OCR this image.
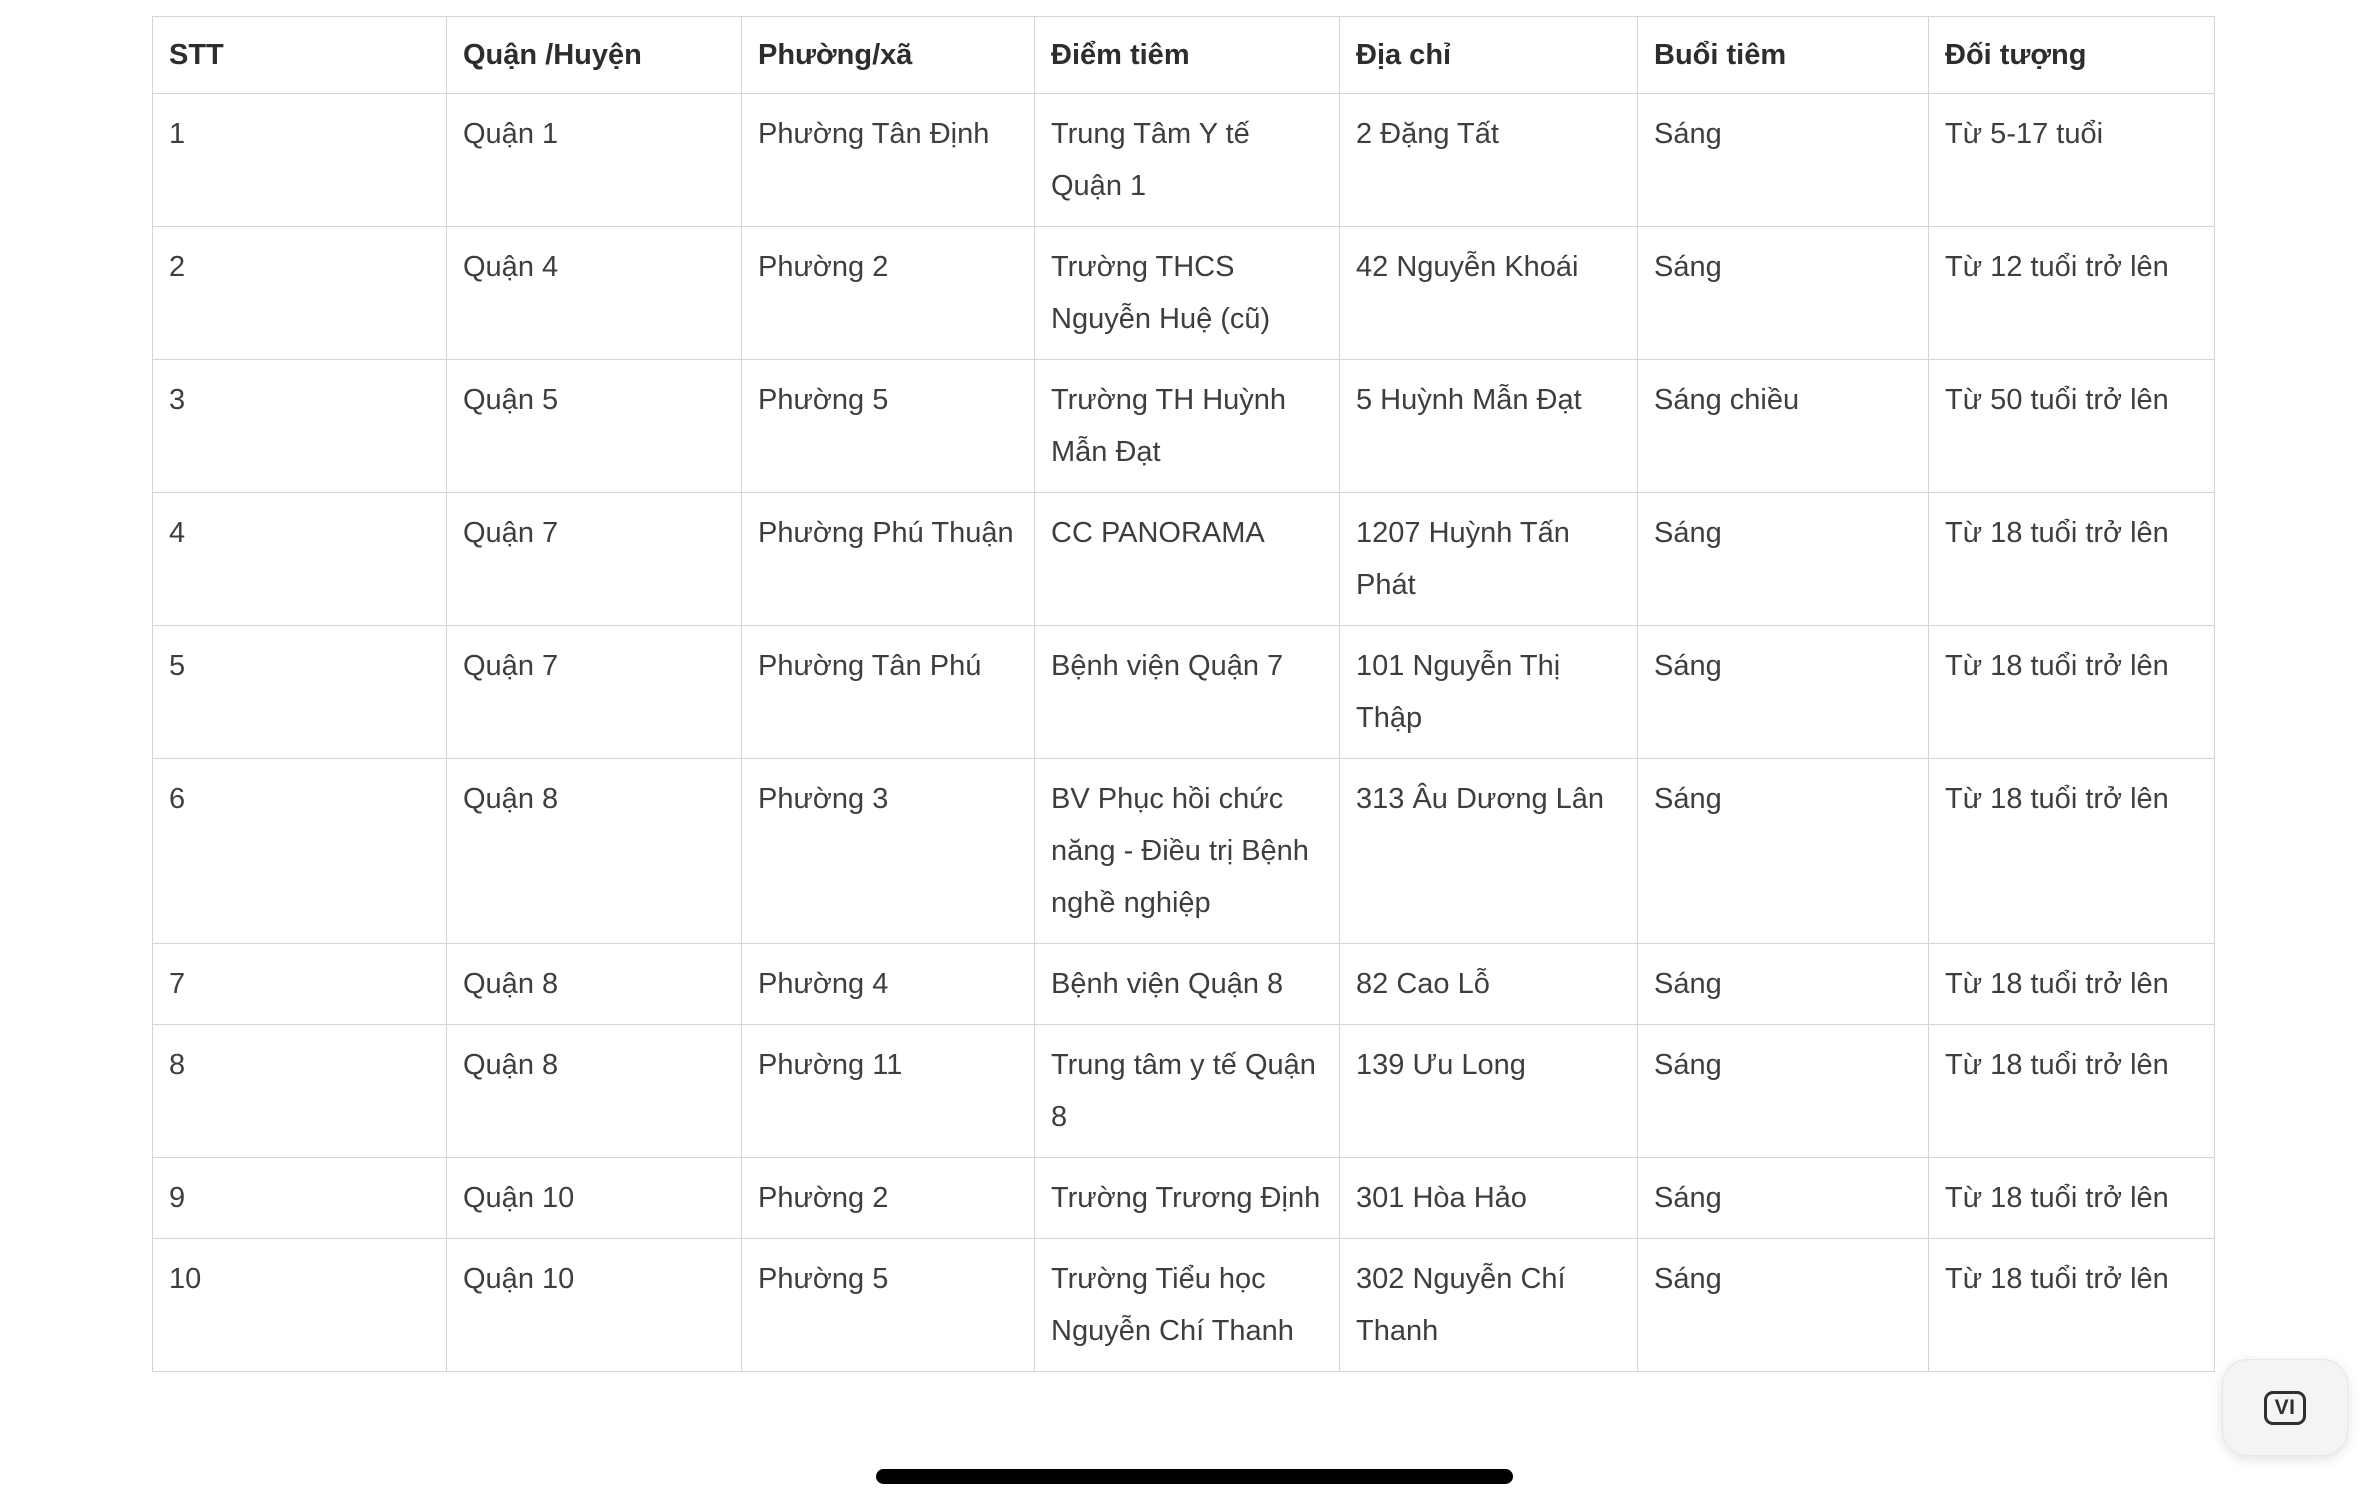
STT	Quận /Huyện	Phường/xã	Điểm tiêm	Địa chỉ	Buổi tiêm	Đối tượng
1	Quận 1	Phường Tân Định	Trung Tâm Y tế Quận 1	2 Đặng Tất	Sáng	Từ 5-17 tuổi
2	Quận 4	Phường 2	Trường THCS Nguyễn Huệ (cũ)	42 Nguyễn Khoái	Sáng	Từ 12 tuổi trở lên
3	Quận 5	Phường 5	Trường TH Huỳnh Mẫn Đạt	5 Huỳnh Mẫn Đạt	Sáng chiều	Từ 50 tuổi trở lên
4	Quận 7	Phường Phú Thuận	CC PANORAMA	1207 Huỳnh Tấn Phát	Sáng	Từ 18 tuổi trở lên
5	Quận 7	Phường Tân Phú	Bệnh viện Quận 7	101 Nguyễn Thị Thập	Sáng	Từ 18 tuổi trở lên
6	Quận 8	Phường 3	BV Phục hồi chức năng - Điều trị Bệnh nghề nghiệp	313 Âu Dương Lân	Sáng	Từ 18 tuổi trở lên
7	Quận 8	Phường 4	Bệnh viện Quận 8	82 Cao Lỗ	Sáng	Từ 18 tuổi trở lên
8	Quận 8	Phường 11	Trung tâm y tế Quận 8	139 Ưu Long	Sáng	Từ 18 tuổi trở lên
9	Quận 10	Phường 2	Trường Trương Định	301 Hòa Hảo	Sáng	Từ 18 tuổi trở lên
10	Quận 10	Phường 5	Trường Tiểu học Nguyễn Chí Thanh	302 Nguyễn Chí Thanh	Sáng	Từ 18 tuổi trở lên
VI
